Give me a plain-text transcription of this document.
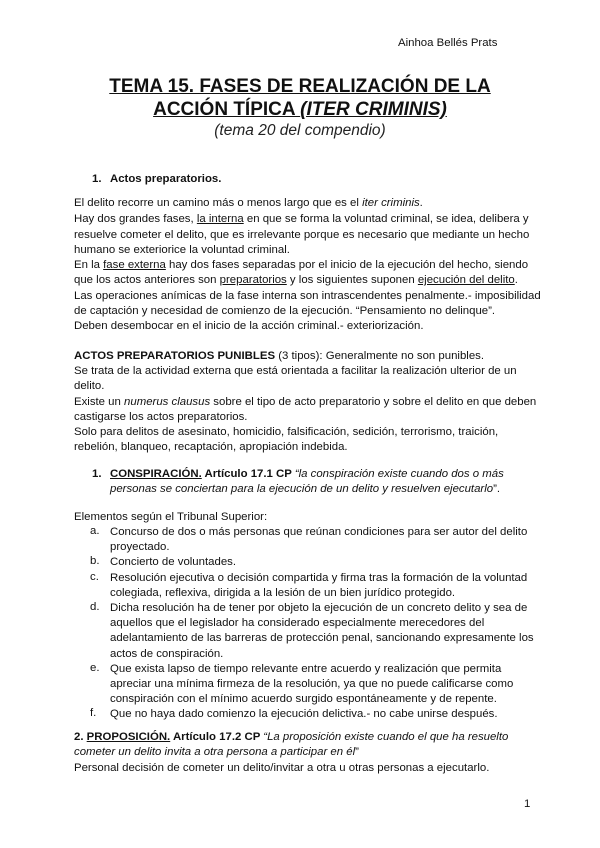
Ainhoa Bellés Prats
TEMA 15. FASES DE REALIZACIÓN DE LA
ACCIÓN TÍPICA (ITER CRIMINIS)
(tema 20 del compendio)
1. Actos preparatorios.
El delito recorre un camino más o menos largo que es el iter criminis.
Hay dos grandes fases, la interna en que se forma la voluntad criminal, se idea, delibera y
resuelve cometer el delito, que es irrelevante porque es necesario que mediante un hecho
humano se exteriorice la voluntad criminal.
En la fase externa hay dos fases separadas por el inicio de la ejecución del hecho, siendo
que los actos anteriores son preparatorios y los siguientes suponen ejecución del delito.
Las operaciones anímicas de la fase interna son intrascendentes penalmente.- imposibilidad
de captación y necesidad de comienzo de la ejecución. “Pensamiento no delinque”.
Deben desembocar en el inicio de la acción criminal.- exteriorización.
ACTOS PREPARATORIOS PUNIBLES (3 tipos): Generalmente no son punibles.
Se trata de la actividad externa que está orientada a facilitar la realización ulterior de un
delito.
Existe un numerus clausus sobre el tipo de acto preparatorio y sobre el delito en que deben
castigarse los actos preparatorios.
Solo para delitos de asesinato, homicidio, falsificación, sedición, terrorismo, traición,
rebelión, blanqueo, recaptación, apropiación indebida.
1. CONSPIRACIÓN. Artículo 17.1 CP “la conspiración existe cuando dos o más
personas se conciertan para la ejecución de un delito y resuelven ejecutarlo”.
Elementos según el Tribunal Superior:
a. Concurso de dos o más personas que reúnan condiciones para ser autor del delito
proyectado.
b. Concierto de voluntades.
c. Resolución ejecutiva o decisión compartida y firma tras la formación de la voluntad
colegiada, reflexiva, dirigida a la lesión de un bien jurídico protegido.
d. Dicha resolución ha de tener por objeto la ejecución de un concreto delito y sea de
aquellos que el legislador ha considerado especialmente merecedores del
adelantamiento de las barreras de protección penal, sancionando expresamente los
actos de conspiración.
e. Que exista lapso de tiempo relevante entre acuerdo y realización que permita
apreciar una mínima firmeza de la resolución, ya que no puede calificarse como
conspiración con el mínimo acuerdo surgido espontáneamente y de repente.
f. Que no haya dado comienzo la ejecución delictiva.- no cabe unirse después.
2. PROPOSICIÓN. Artículo 17.2 CP “La proposición existe cuando el que ha resuelto
cometer un delito invita a otra persona a participar en él”
Personal decisión de cometer un delito/invitar a otra u otras personas a ejecutarlo.
1
